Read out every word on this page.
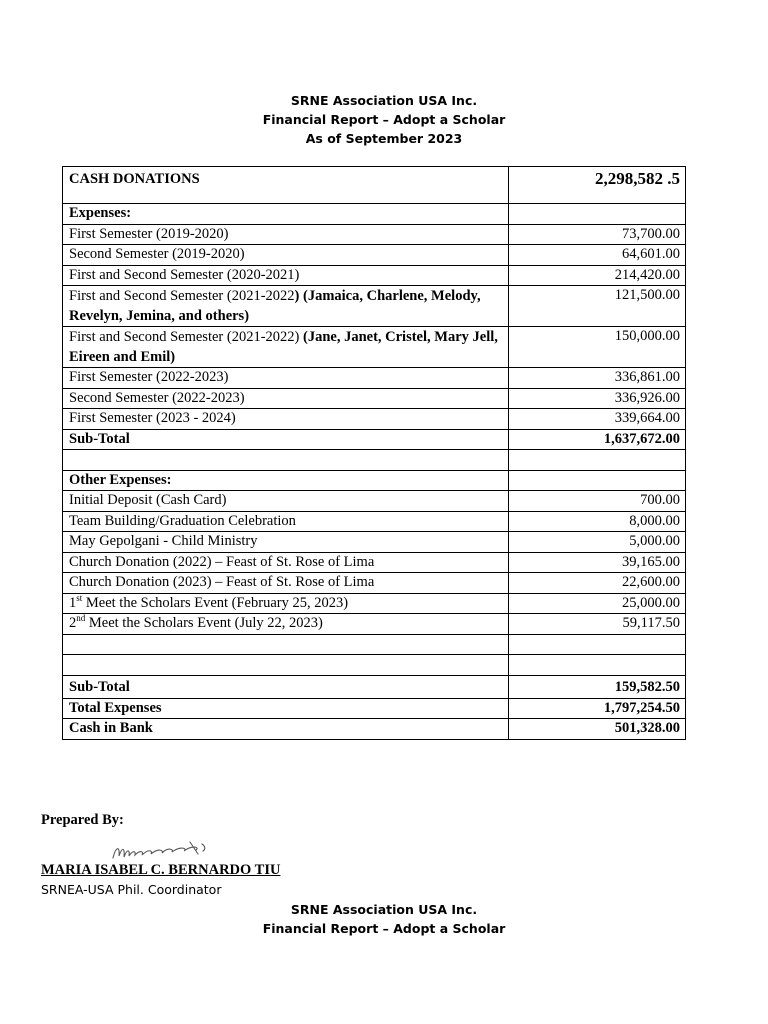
SRNE Association USA Inc.
Financial Report – Adopt a Scholar
As of September 2023
CASH DONATIONS	2,298,582 .5
Expenses:	
First Semester (2019-2020)	73,700.00
Second Semester (2019-2020)	64,601.00
First and Second Semester (2020-2021)	214,420.00
First and Second Semester (2021-2022) (Jamaica, Charlene, Melody, Revelyn, Jemina, and others)	121,500.00
First and Second Semester (2021-2022) (Jane, Janet, Cristel, Mary Jell, Eireen and Emil)	150,000.00
First Semester (2022-2023)	336,861.00
Second Semester (2022-2023)	336,926.00
First Semester (2023 - 2024)	339,664.00
Sub-Total	1,637,672.00

Other Expenses:	
Initial Deposit (Cash Card)	700.00
Team Building/Graduation Celebration	8,000.00
May Gepolgani - Child Ministry	5,000.00
Church Donation (2022) – Feast of St. Rose of Lima	39,165.00
Church Donation (2023) – Feast of St. Rose of Lima	22,600.00
1st Meet the Scholars Event (February 25, 2023)	25,000.00
2nd Meet the Scholars Event (July 22, 2023)	59,117.50

Sub-Total	159,582.50
Total Expenses	1,797,254.50
Cash in Bank	501,328.00
Prepared By:
MARIA ISABEL C. BERNARDO TIU
SRNEA-USA Phil. Coordinator
SRNE Association USA Inc.
Financial Report – Adopt a Scholar
